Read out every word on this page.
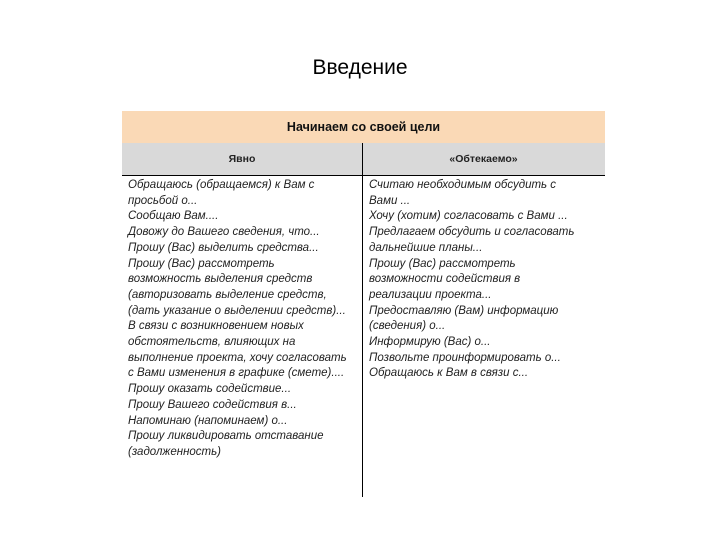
Введение
Начинаем со своей цели
Явно	«Обтекаемо»
Обращаюсь (обращаемся) к Вам с
просьбой о...
Сообщаю Вам....
Довожу до Вашего сведения, что...
Прошу (Вас) выделить средства...
Прошу (Вас) рассмотреть
возможность выделения средств
(авторизовать выделение средств,
(дать указание о выделении средств)...
В связи с возникновением новых
обстоятельств, влияющих на
выполнение проекта, хочу согласовать
с Вами изменения в графике (смете)....
Прошу оказать содействие...
Прошу Вашего содействия в...
Напоминаю (напоминаем) о...
Прошу ликвидировать отставание
(задолженность)
Считаю необходимым обсудить с
Вами ...
Хочу (хотим) согласовать с Вами ...
Предлагаем обсудить и согласовать
дальнейшие планы...
Прошу (Вас) рассмотреть
возможности содействия в
реализации проекта...
Предоставляю (Вам) информацию
(сведения) о...
Информирую (Вас) о...
Позвольте проинформировать о...
Обращаюсь к Вам в связи с...
